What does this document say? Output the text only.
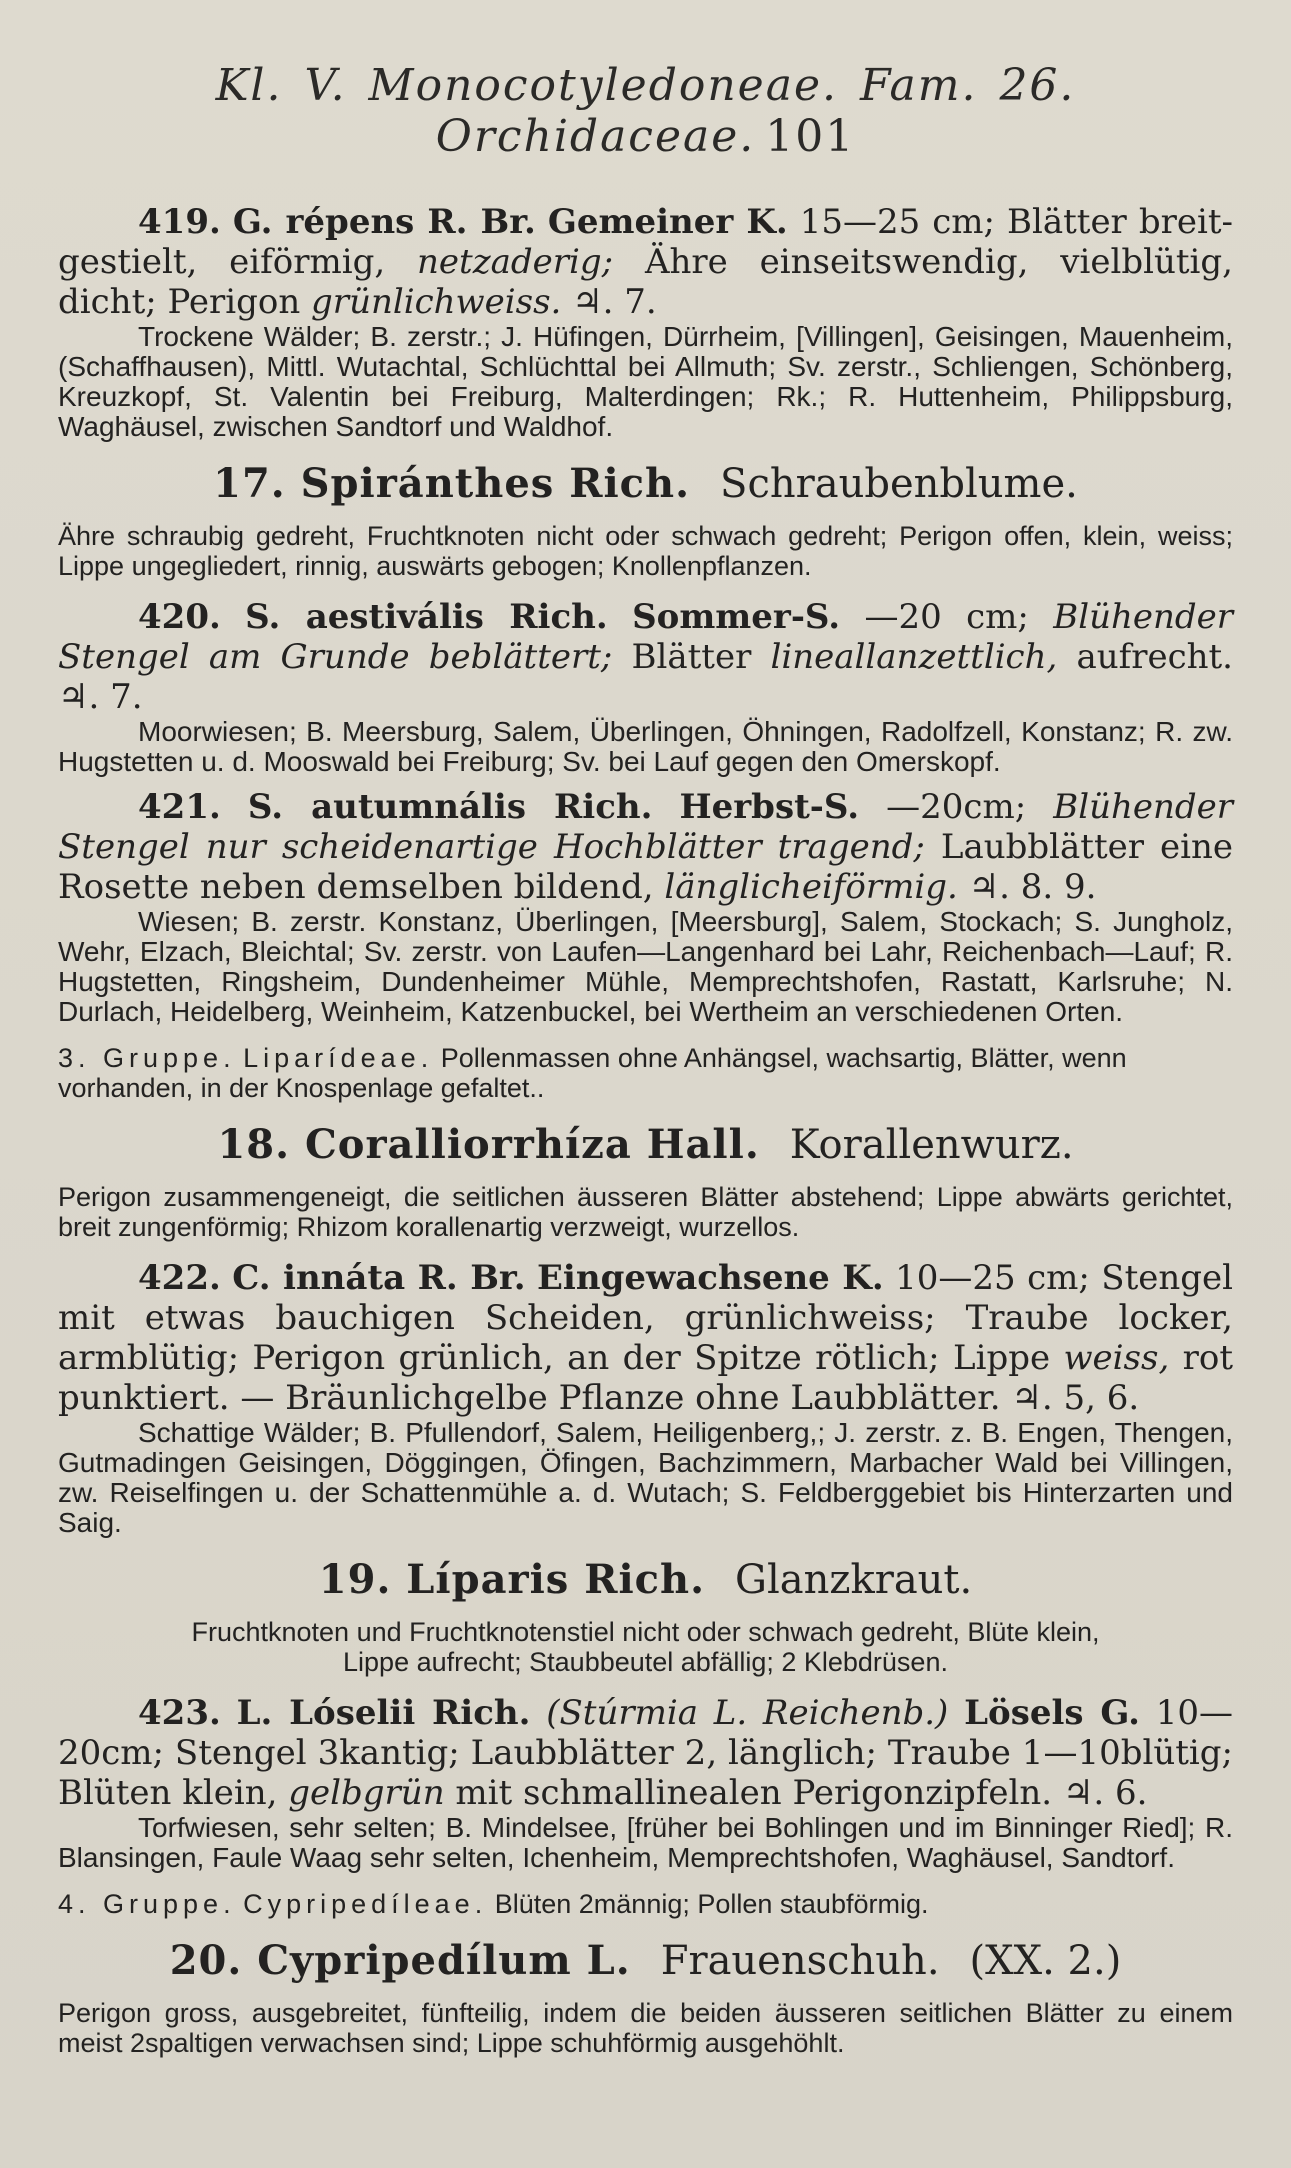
Kl. V. Monocotyledoneae. Fam. 26. Orchidaceae. 101
419. G. répens R. Br. Gemeiner K. 15—25 cm; Blätter breit-gestielt, eiförmig, netzaderig; Ähre einseitswendig, vielblütig, dicht; Perigon grünlichweiss. ♃. 7.
Trockene Wälder; B. zerstr.; J. Hüfingen, Dürrheim, [Villingen], Geisingen, Mauenheim, (Schaffhausen), Mittl. Wutachtal, Schlüchttal bei Allmuth; Sv. zerstr., Schliengen, Schönberg, Kreuzkopf, St. Valentin bei Freiburg, Malterdingen; Rk.; R. Huttenheim, Philippsburg, Waghäusel, zwischen Sandtorf und Waldhof.
17. Spiránthes Rich. Schraubenblume.
Ähre schraubig gedreht, Fruchtknoten nicht oder schwach gedreht; Perigon offen, klein, weiss; Lippe ungegliedert, rinnig, auswärts gebogen; Knollenpflanzen.
420. S. aestivális Rich. Sommer-S. —20 cm; Blühender Stengel am Grunde beblättert; Blätter lineallanzettlich, aufrecht. ♃. 7.
Moorwiesen; B. Meersburg, Salem, Überlingen, Öhningen, Radolfzell, Konstanz; R. zw. Hugstetten u. d. Mooswald bei Freiburg; Sv. bei Lauf gegen den Omerskopf.
421. S. autumnális Rich. Herbst-S. —20cm; Blühender Stengel nur scheidenartige Hochblätter tragend; Laubblätter eine Rosette neben demselben bildend, länglicheiförmig. ♃. 8. 9.
Wiesen; B. zerstr. Konstanz, Überlingen, [Meersburg], Salem, Stockach; S. Jungholz, Wehr, Elzach, Bleichtal; Sv. zerstr. von Laufen—Langenhard bei Lahr, Reichenbach—Lauf; R. Hugstetten, Ringsheim, Dundenheimer Mühle, Memprechtshofen, Rastatt, Karlsruhe; N. Durlach, Heidelberg, Weinheim, Katzenbuckel, bei Wertheim an verschiedenen Orten.
3. Gruppe. Liparídeae. Pollenmassen ohne Anhängsel, wachsartig, Blätter, wenn vorhanden, in der Knospenlage gefaltet..
18. Coralliorrhíza Hall. Korallenwurz.
Perigon zusammengeneigt, die seitlichen äusseren Blätter abstehend; Lippe abwärts gerichtet, breit zungenförmig; Rhizom korallenartig verzweigt, wurzellos.
422. C. innáta R. Br. Eingewachsene K. 10—25 cm; Stengel mit etwas bauchigen Scheiden, grünlichweiss; Traube locker, armblütig; Perigon grünlich, an der Spitze rötlich; Lippe weiss, rot punktiert. — Bräunlichgelbe Pflanze ohne Laubblätter. ♃. 5, 6.
Schattige Wälder; B. Pfullendorf, Salem, Heiligenberg,; J. zerstr. z. B. Engen, Thengen, Gutmadingen Geisingen, Döggingen, Öfingen, Bachzimmern, Marbacher Wald bei Villingen, zw. Reiselfingen u. der Schattenmühle a. d. Wutach; S. Feldberggebiet bis Hinterzarten und Saig.
19. Líparis Rich. Glanzkraut.
Fruchtknoten und Fruchtknotenstiel nicht oder schwach gedreht, Blüte klein,
Lippe aufrecht; Staubbeutel abfällig; 2 Klebdrüsen.
423. L. Lóselii Rich. (Stúrmia L. Reichenb.) Lösels G. 10—20cm; Stengel 3kantig; Laubblätter 2, länglich; Traube 1—10blütig; Blüten klein, gelbgrün mit schmallinealen Perigonzipfeln. ♃. 6.
Torfwiesen, sehr selten; B. Mindelsee, [früher bei Bohlingen und im Binninger Ried]; R. Blansingen, Faule Waag sehr selten, Ichenheim, Memprechtshofen, Waghäusel, Sandtorf.
4. Gruppe. Cypripedíleae. Blüten 2männig; Pollen staubförmig.
20. Cypripedílum L. Frauenschuh. (XX. 2.)
Perigon gross, ausgebreitet, fünfteilig, indem die beiden äusseren seitlichen Blätter zu einem meist 2spaltigen verwachsen sind; Lippe schuhförmig ausgehöhlt.
